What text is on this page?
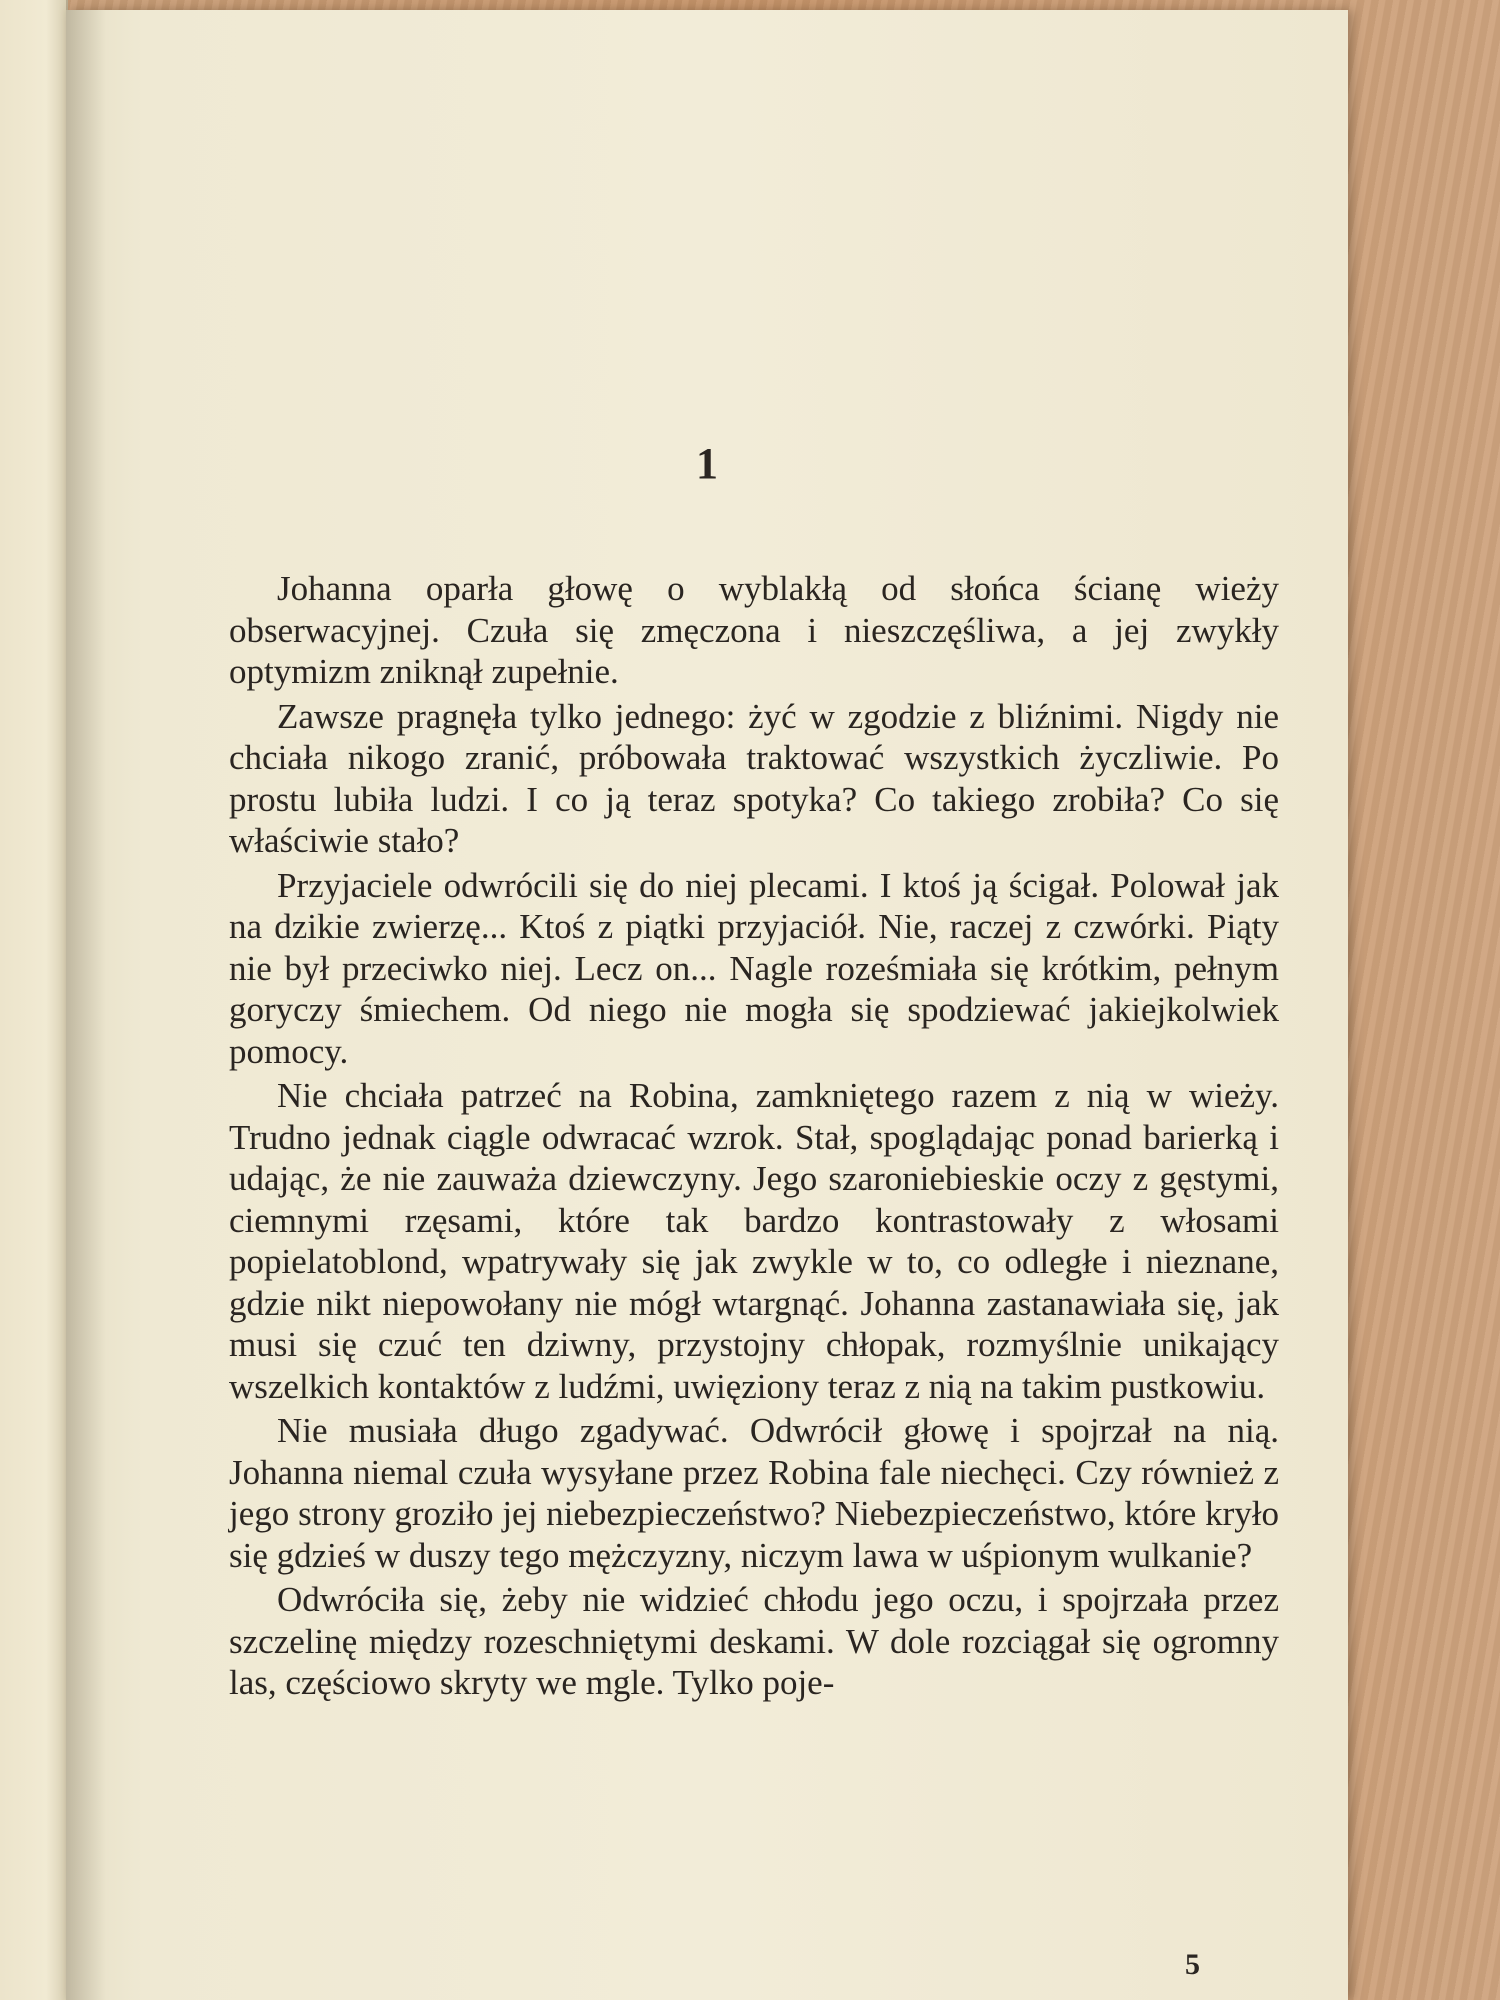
1

Johanna oparła głowę o wyblakłą od słońca ścianę wieży obserwacyjnej. Czuła się zmęczona i nieszczęśliwa, a jej zwykły optymizm zniknął zupełnie.

Zawsze pragnęła tylko jednego: żyć w zgodzie z bliźnimi. Nigdy nie chciała nikogo zranić, próbowała traktować wszystkich życzliwie. Po prostu lubiła ludzi. I co ją teraz spotyka? Co takiego zrobiła? Co się właściwie stało?

Przyjaciele odwrócili się do niej plecami. I ktoś ją ścigał. Polował jak na dzikie zwierzę... Ktoś z piątki przyjaciół. Nie, raczej z czwórki. Piąty nie był przeciwko niej. Lecz on... Nagle roześmiała się krótkim, pełnym goryczy śmiechem. Od niego nie mogła się spodziewać jakiejkolwiek pomocy.

Nie chciała patrzeć na Robina, zamkniętego razem z nią w wieży. Trudno jednak ciągle odwracać wzrok. Stał, spoglądając ponad barierką i udając, że nie zauważa dziewczyny. Jego szaroniebieskie oczy z gęstymi, ciemnymi rzęsami, które tak bardzo kontrastowały z włosami popielatoblond, wpatrywały się jak zwykle w to, co odległe i nieznane, gdzie nikt niepowołany nie mógł wtargnąć. Johanna zastanawiała się, jak musi się czuć ten dziwny, przystojny chłopak, rozmyślnie unikający wszelkich kontaktów z ludźmi, uwięziony teraz z nią na takim pustkowiu.

Nie musiała długo zgadywać. Odwrócił głowę i spojrzał na nią. Johanna niemal czuła wysyłane przez Robina fale niechęci. Czy również z jego strony groziło jej niebezpieczeństwo? Niebezpieczeństwo, które kryło się gdzieś w duszy tego mężczyzny, niczym lawa w uśpionym wulkanie?

Odwróciła się, żeby nie widzieć chłodu jego oczu, i spojrzała przez szczelinę między rozeschniętymi deskami. W dole rozciągał się ogromny las, częściowo skryty we mgle. Tylko poje-

5
